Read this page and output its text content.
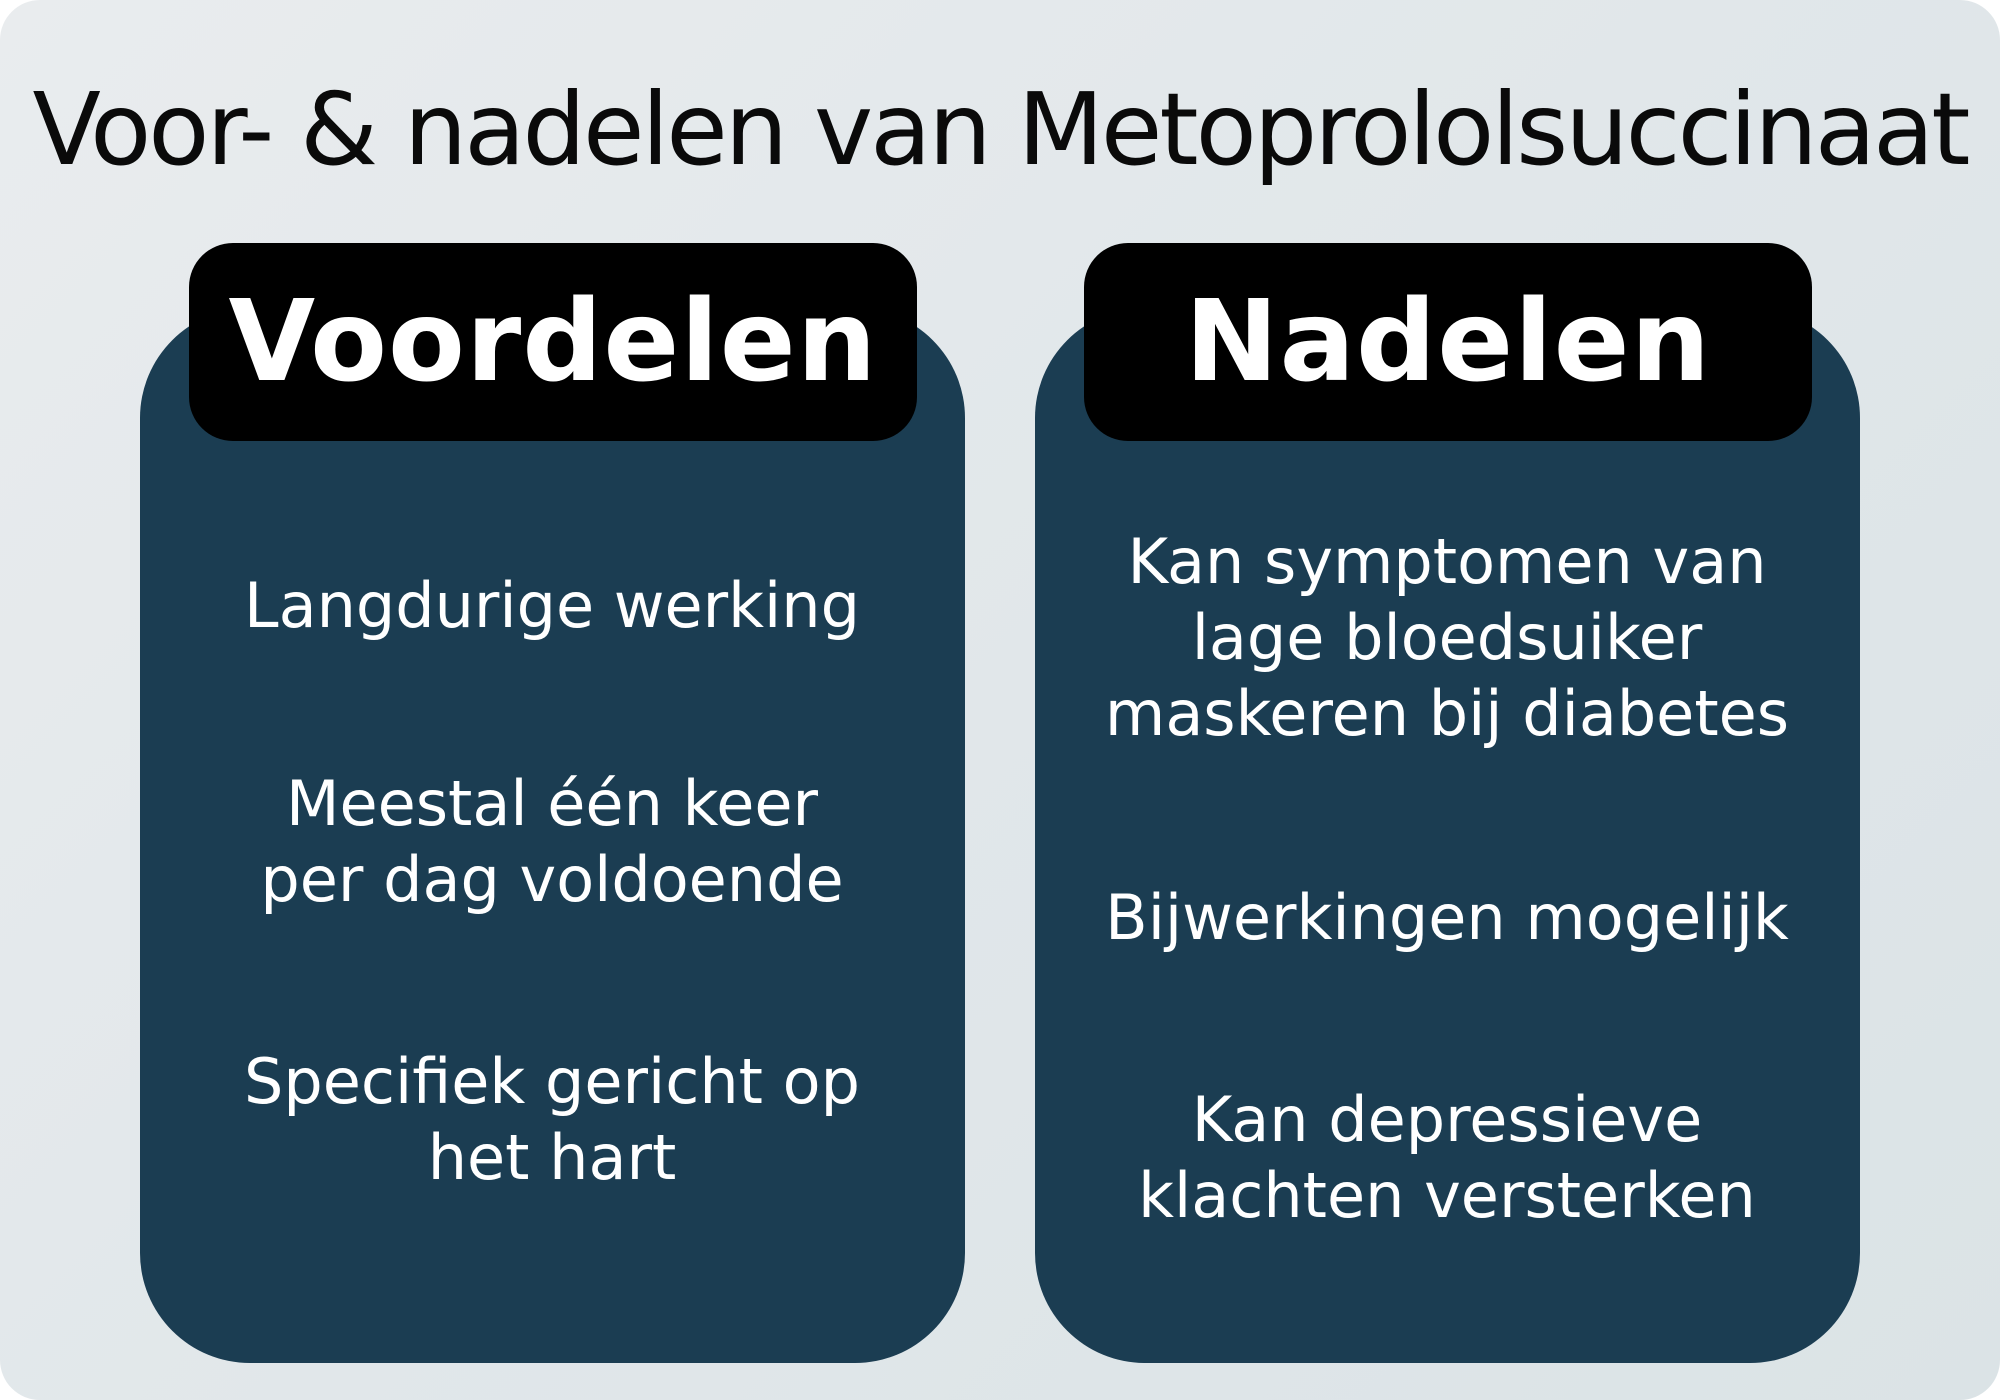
Voor- & nadelen van Metoprololsuccinaat
Voordelen
Langdurige werking
Meestal één keer per dag voldoende
Specifiek gericht op het hart
Nadelen
Kan symptomen van lage bloedsuiker maskeren bij diabetes
Bijwerkingen mogelijk
Kan depressieve klachten versterken
